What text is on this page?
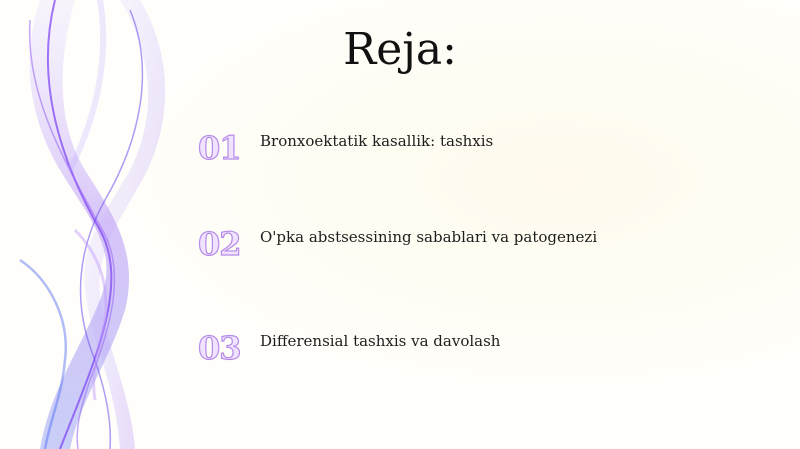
Reja:
01	Bronxoektatik kasallik: tashxis
02	O'pka abstsessining sabablari va patogenezi
03	Differensial tashxis va davolash
